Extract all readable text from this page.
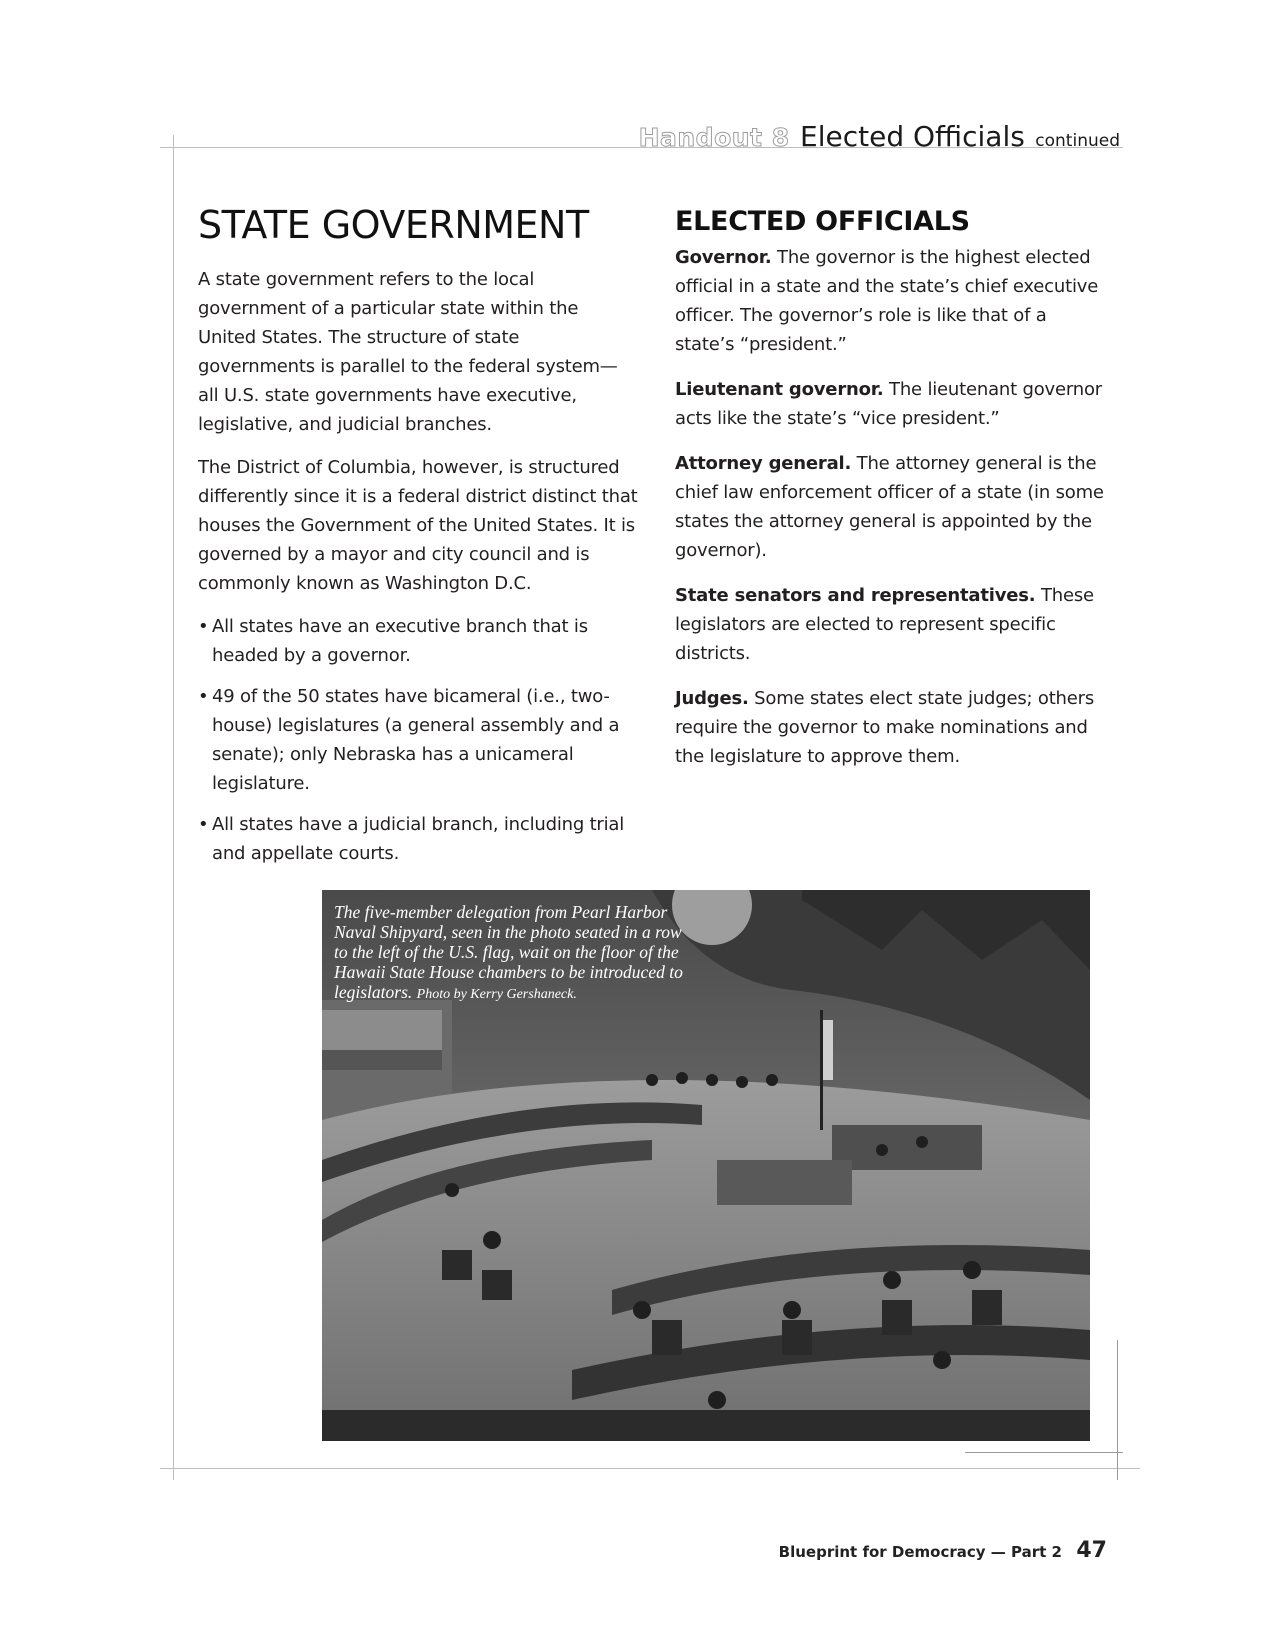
Handout 8 Elected Officials continued
STATE GOVERNMENT

A state government refers to the local government of a particular state within the United States. The structure of state governments is parallel to the federal system—all U.S. state governments have executive, legislative, and judicial branches.

The District of Columbia, however, is structured differently since it is a federal district distinct that houses the Government of the United States. It is governed by a mayor and city council and is commonly known as Washington D.C.

• All states have an executive branch that is headed by a governor.
• 49 of the 50 states have bicameral (i.e., two-house) legislatures (a general assembly and a senate); only Nebraska has a unicameral legislature.
• All states have a judicial branch, including trial and appellate courts.
ELECTED OFFICIALS

Governor. The governor is the highest elected official in a state and the state’s chief executive officer. The governor’s role is like that of a state’s “president.”

Lieutenant governor. The lieutenant governor acts like the state’s “vice president.”

Attorney general. The attorney general is the chief law enforcement officer of a state (in some states the attorney general is appointed by the governor).

State senators and representatives. These legislators are elected to represent specific districts.

Judges. Some states elect state judges; others require the governor to make nominations and the legislature to approve them.

The five-member delegation from Pearl Harbor Naval Shipyard, seen in the photo seated in a row to the left of the U.S. flag, wait on the floor of the Hawaii State House chambers to be introduced to legislators. Photo by Kerry Gershaneck.
Blueprint for Democracy — Part 2 47
